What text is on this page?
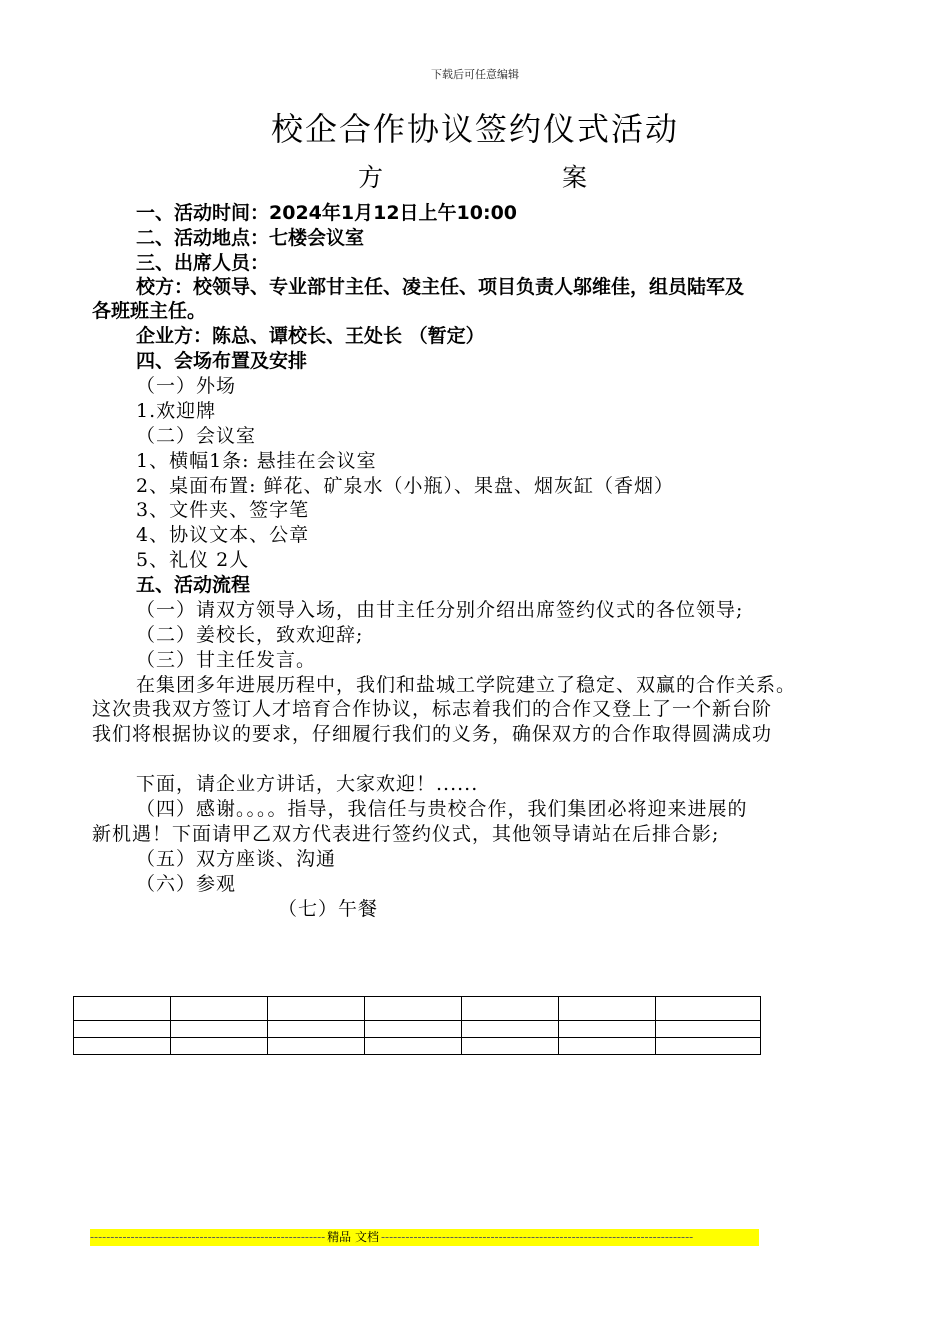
下载后可任意编辑
校企合作协议签约仪式活动
方	案
一、活动时间：2024年1月12日上午10:00
二、活动地点：七楼会议室
三、出席人员：
校方：校领导、专业部甘主任、凌主任、项目负责人邬维佳，组员陆军及
各班班主任。
企业方：陈总、谭校长、王处长 （暂定）
四、会场布置及安排
（一）外场
1.欢迎牌
（二）会议室
1、横幅1条: 悬挂在会议室
2、桌面布置: 鲜花、矿泉水（小瓶）、果盘、烟灰缸（香烟）
3、文件夹、签字笔
4、协议文本、公章
5、礼仪 2人
五、活动流程
（一）请双方领导入场，由甘主任分别介绍出席签约仪式的各位领导;
（二）姜校长，致欢迎辞;
（三）甘主任发言。
在集团多年进展历程中，我们和盐城工学院建立了稳定、双赢的合作关系。
这次贵我双方签订人才培育合作协议，标志着我们的合作又登上了一个新台阶
我们将根据协议的要求，仔细履行我们的义务，确保双方的合作取得圆满成功
下面，请企业方讲话，大家欢迎！......
（四）感谢。。。。指导，我信任与贵校合作，我们集团必将迎来进展的
新机遇！下面请甲乙双方代表进行签约仪式，其他领导请站在后排合影;
（五）双方座谈、沟通
（六）参观
（七）午餐

---------------------------------------------------------- 精品 文档 -----------------------------------------------------------------------------
